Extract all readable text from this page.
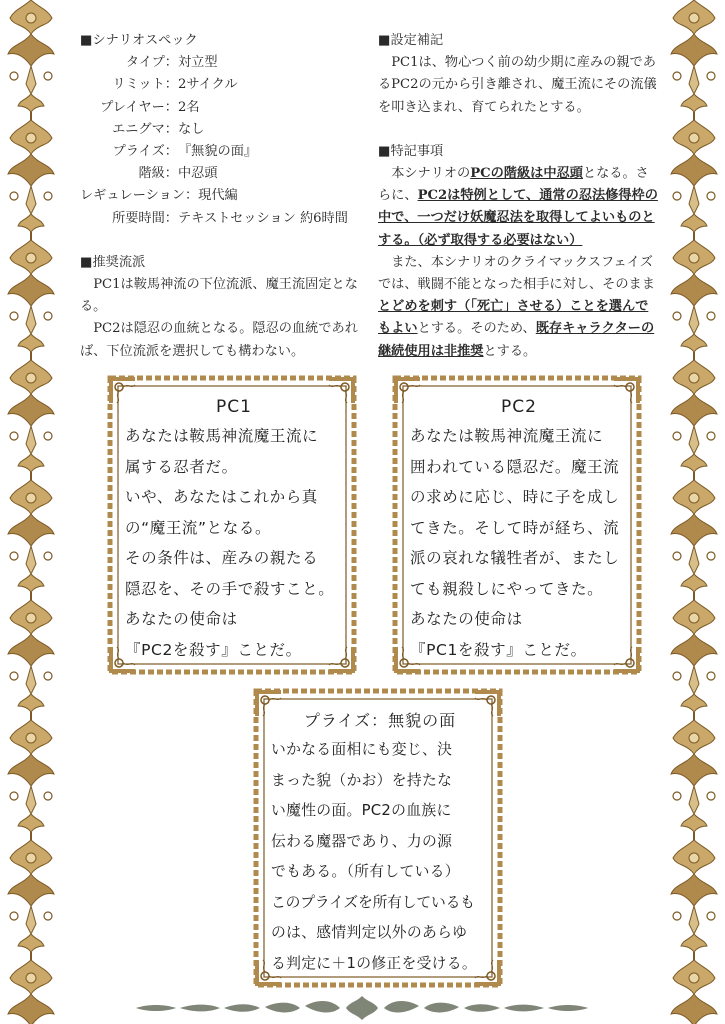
■シナリオスペック

タイプ：対立型

リミット：2サイクル

プレイヤー：2名

エニグマ：なし

プライズ：『無貌の面』

階級：中忍頭

レギュレーション：現代編

所要時間：テキストセッション 約6時間

■推奨流派

PC1は鞍馬神流の下位流派、魔王流固定となる。

PC2は隠忍の血統となる。隠忍の血統であれば、下位流派を選択しても構わない。

■設定補記

PC1は、物心つく前の幼少期に産みの親であるPC2の元から引き離され、魔王流にその流儀を叩き込まれ、育てられたとする。

■特記事項

本シナリオのPCの階級は中忍頭となる。さらに、PC2は特例として、通常の忍法修得枠の中で、一つだけ妖魔忍法を取得してよいものとする。（必ず取得する必要はない）

また、本シナリオのクライマックスフェイズでは、戦闘不能となった相手に対し、そのままとどめを刺す（「死亡」させる）ことを選んでもよいとする。そのため、既存キャラクターの継続使用は非推奨とする。

PC1

あなたは鞍馬神流魔王流に

属する忍者だ。

いや、あなたはこれから真

の“魔王流”となる。

その条件は、産みの親たる

隠忍を、その手で殺すこと。

あなたの使命は

『PC2を殺す』ことだ。

PC2

あなたは鞍馬神流魔王流に

囲われている隠忍だ。魔王流

の求めに応じ、時に子を成し

てきた。そして時が経ち、流

派の哀れな犠牲者が、またし

ても親殺しにやってきた。

あなたの使命は

『PC1を殺す』ことだ。

プライズ：無貌の面

いかなる面相にも変じ、決

まった貌（かお）を持たな

い魔性の面。PC2の血族に

伝わる魔器であり、力の源

でもある。（所有している）

このプライズを所有しているも

のは、感情判定以外のあらゆ

る判定に＋1の修正を受ける。
